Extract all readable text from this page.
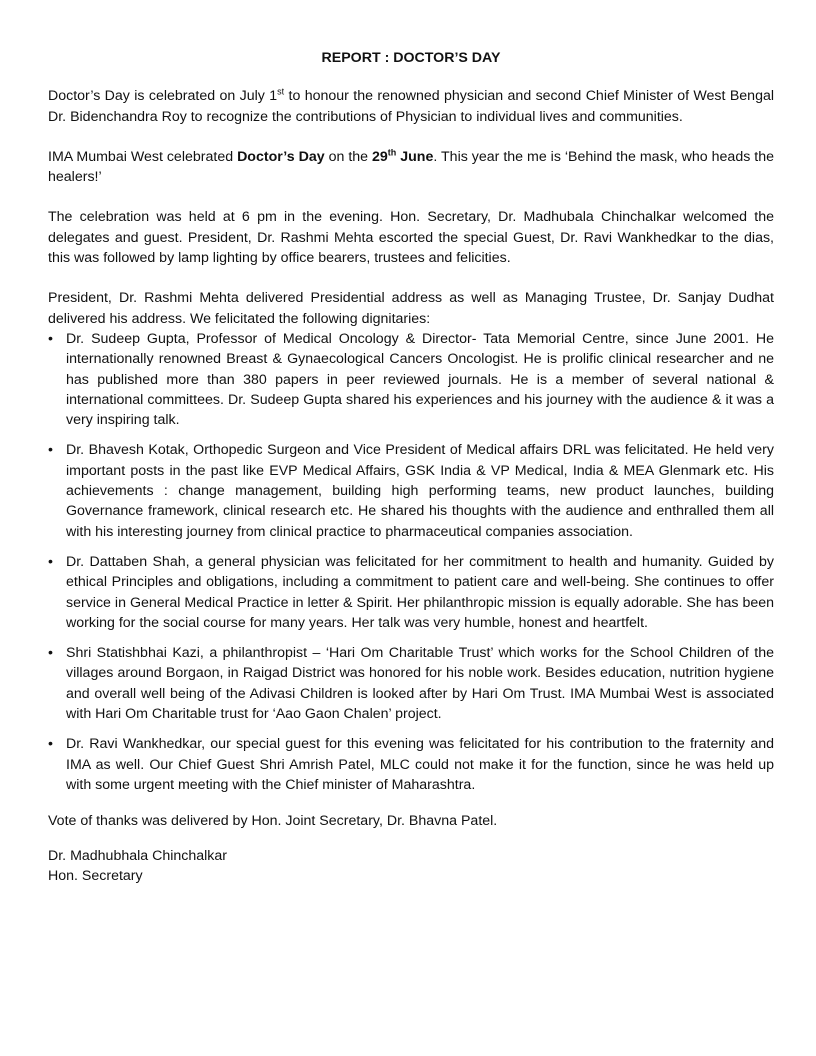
REPORT : DOCTOR’S DAY

Doctor’s Day is celebrated on July 1st to honour the renowned physician and second Chief Minister of West Bengal Dr. Bidenchandra Roy to recognize the contributions of Physician to individual lives and communities.

IMA Mumbai West celebrated Doctor’s Day on the 29th June. This year the me is ‘Behind the mask, who heads the healers!’

The celebration was held at 6 pm in the evening. Hon. Secretary, Dr. Madhubala Chinchalkar welcomed the delegates and guest. President, Dr. Rashmi Mehta escorted the special Guest, Dr. Ravi Wankhedkar to the dias, this was followed by lamp lighting by office bearers, trustees and felicities.

President, Dr. Rashmi Mehta delivered Presidential address as well as Managing Trustee, Dr. Sanjay Dudhat delivered his address. We felicitated the following dignitaries:

• Dr. Sudeep Gupta, Professor of Medical Oncology & Director- Tata Memorial Centre, since June 2001. He internationally renowned Breast & Gynaecological Cancers Oncologist. He is prolific clinical researcher and ne has published more than 380 papers in peer reviewed journals. He is a member of several national & international committees. Dr. Sudeep Gupta shared his experiences and his journey with the audience & it was a very inspiring talk.
• Dr. Bhavesh Kotak, Orthopedic Surgeon and Vice President of Medical affairs DRL was felicitated. He held very important posts in the past like EVP Medical Affairs, GSK India & VP Medical, India & MEA Glenmark etc. His achievements : change management, building high performing teams, new product launches, building Governance framework, clinical research etc. He shared his thoughts with the audience and enthralled them all with his interesting journey from clinical practice to pharmaceutical companies association.
• Dr. Dattaben Shah, a general physician was felicitated for her commitment to health and humanity. Guided by ethical Principles and obligations, including a commitment to patient care and well-being. She continues to offer service in General Medical Practice in letter & Spirit. Her philanthropic mission is equally adorable. She has been working for the social course for many years. Her talk was very humble, honest and heartfelt.
• Shri Statishbhai Kazi, a philanthropist – ‘Hari Om Charitable Trust’ which works for the School Children of the villages around Borgaon, in Raigad District was honored for his noble work. Besides education, nutrition hygiene and overall well being of the Adivasi Children is looked after by Hari Om Trust. IMA Mumbai West is associated with Hari Om Charitable trust for ‘Aao Gaon Chalen’ project.
• Dr. Ravi Wankhedkar, our special guest for this evening was felicitated for his contribution to the fraternity and IMA as well. Our Chief Guest Shri Amrish Patel, MLC could not make it for the function, since he was held up with some urgent meeting with the Chief minister of Maharashtra.

Vote of thanks was delivered by Hon. Joint Secretary, Dr. Bhavna Patel.

Dr. Madhubhala Chinchalkar

Hon. Secretary
